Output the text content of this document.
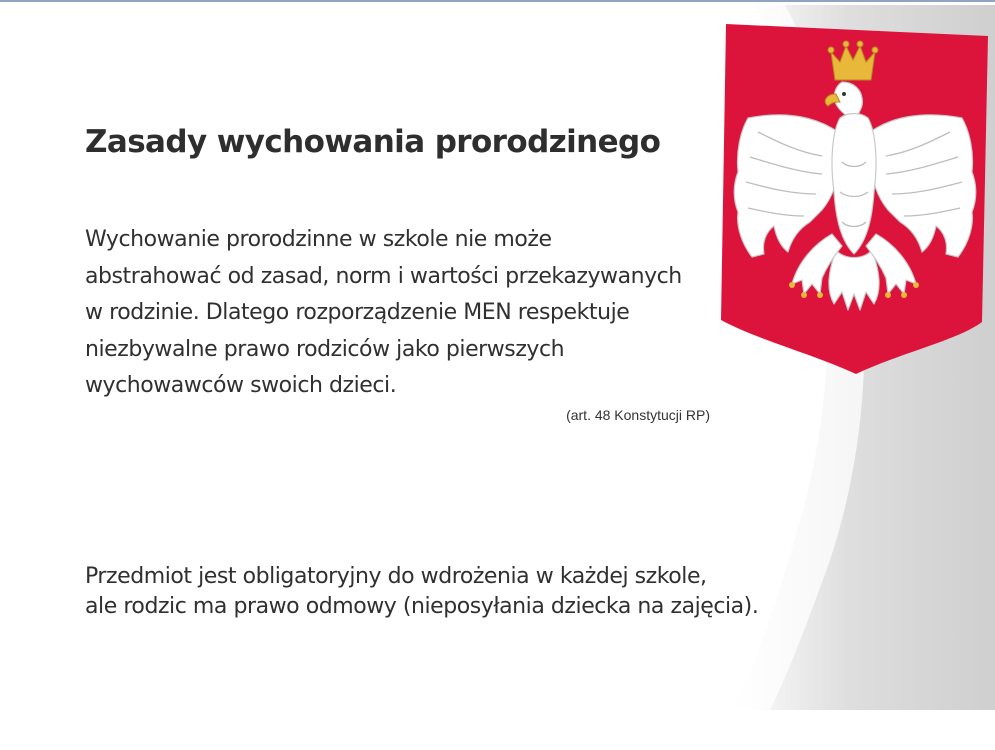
Zasady wychowania prorodzinego

Wychowanie prorodzinne w szkole nie może
abstrahować od zasad, norm i wartości przekazywanych
w rodzinie. Dlatego rozporządzenie MEN respektuje
niezbywalne prawo rodziców jako pierwszych
wychowawców swoich dzieci.

(art. 48 Konstytucji RP)

Przedmiot jest obligatoryjny do wdrożenia w każdej szkole,
ale rodzic ma prawo odmowy (nieposyłania dziecka na zajęcia).
